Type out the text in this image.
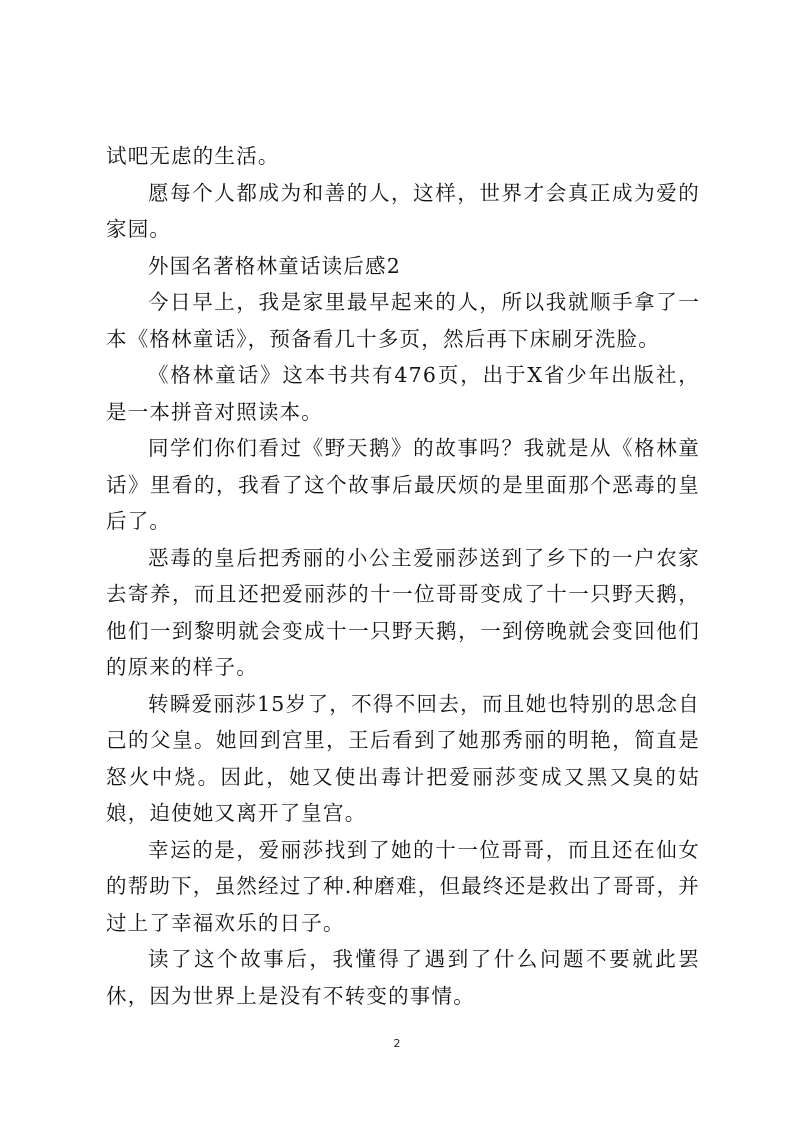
试吧无虑的生活。

愿每个人都成为和善的人，这样，世界才会真正成为爱的家园。

外国名著格林童话读后感2

今日早上，我是家里最早起来的人，所以我就顺手拿了一本《格林童话》，预备看几十多页，然后再下床刷牙洗脸。

《格林童话》这本书共有476页，出于X省少年出版社，是一本拼音对照读本。

同学们你们看过《野天鹅》的故事吗？我就是从《格林童话》里看的，我看了这个故事后最厌烦的是里面那个恶毒的皇后了。

恶毒的皇后把秀丽的小公主爱丽莎送到了乡下的一户农家去寄养，而且还把爱丽莎的十一位哥哥变成了十一只野天鹅，他们一到黎明就会变成十一只野天鹅，一到傍晚就会变回他们的原来的样子。

转瞬爱丽莎15岁了，不得不回去，而且她也特别的思念自己的父皇。她回到宫里，王后看到了她那秀丽的明艳，简直是怒火中烧。因此，她又使出毒计把爱丽莎变成又黑又臭的姑娘，迫使她又离开了皇宫。

幸运的是，爱丽莎找到了她的十一位哥哥，而且还在仙女的帮助下，虽然经过了种.种磨难，但最终还是救出了哥哥，并过上了幸福欢乐的日子。

读了这个故事后，我懂得了遇到了什么问题不要就此罢休，因为世界上是没有不转变的事情。

2
